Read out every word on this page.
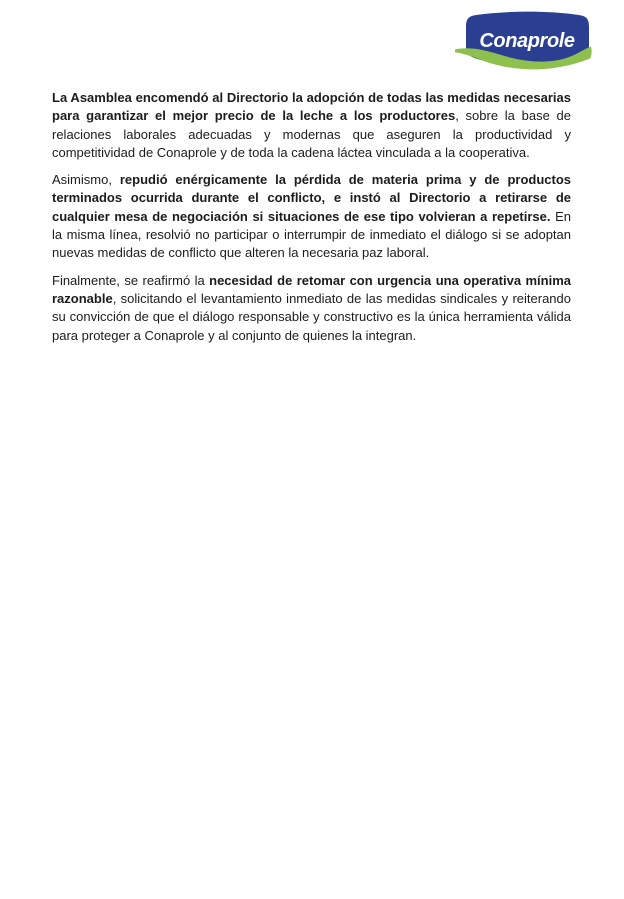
Conaprole

La Asamblea encomendó al Directorio la adopción de todas las medidas necesarias para garantizar el mejor precio de la leche a los productores, sobre la base de relaciones laborales adecuadas y modernas que aseguren la productividad y competitividad de Conaprole y de toda la cadena láctea vinculada a la cooperativa.

Asimismo, repudió enérgicamente la pérdida de materia prima y de productos terminados ocurrida durante el conflicto, e instó al Directorio a retirarse de cualquier mesa de negociación si situaciones de ese tipo volvieran a repetirse. En la misma línea, resolvió no participar o interrumpir de inmediato el diálogo si se adoptan nuevas medidas de conflicto que alteren la necesaria paz laboral.

Finalmente, se reafirmó la necesidad de retomar con urgencia una operativa mínima razonable, solicitando el levantamiento inmediato de las medidas sindicales y reiterando su convicción de que el diálogo responsable y constructivo es la única herramienta válida para proteger a Conaprole y al conjunto de quienes la integran.
